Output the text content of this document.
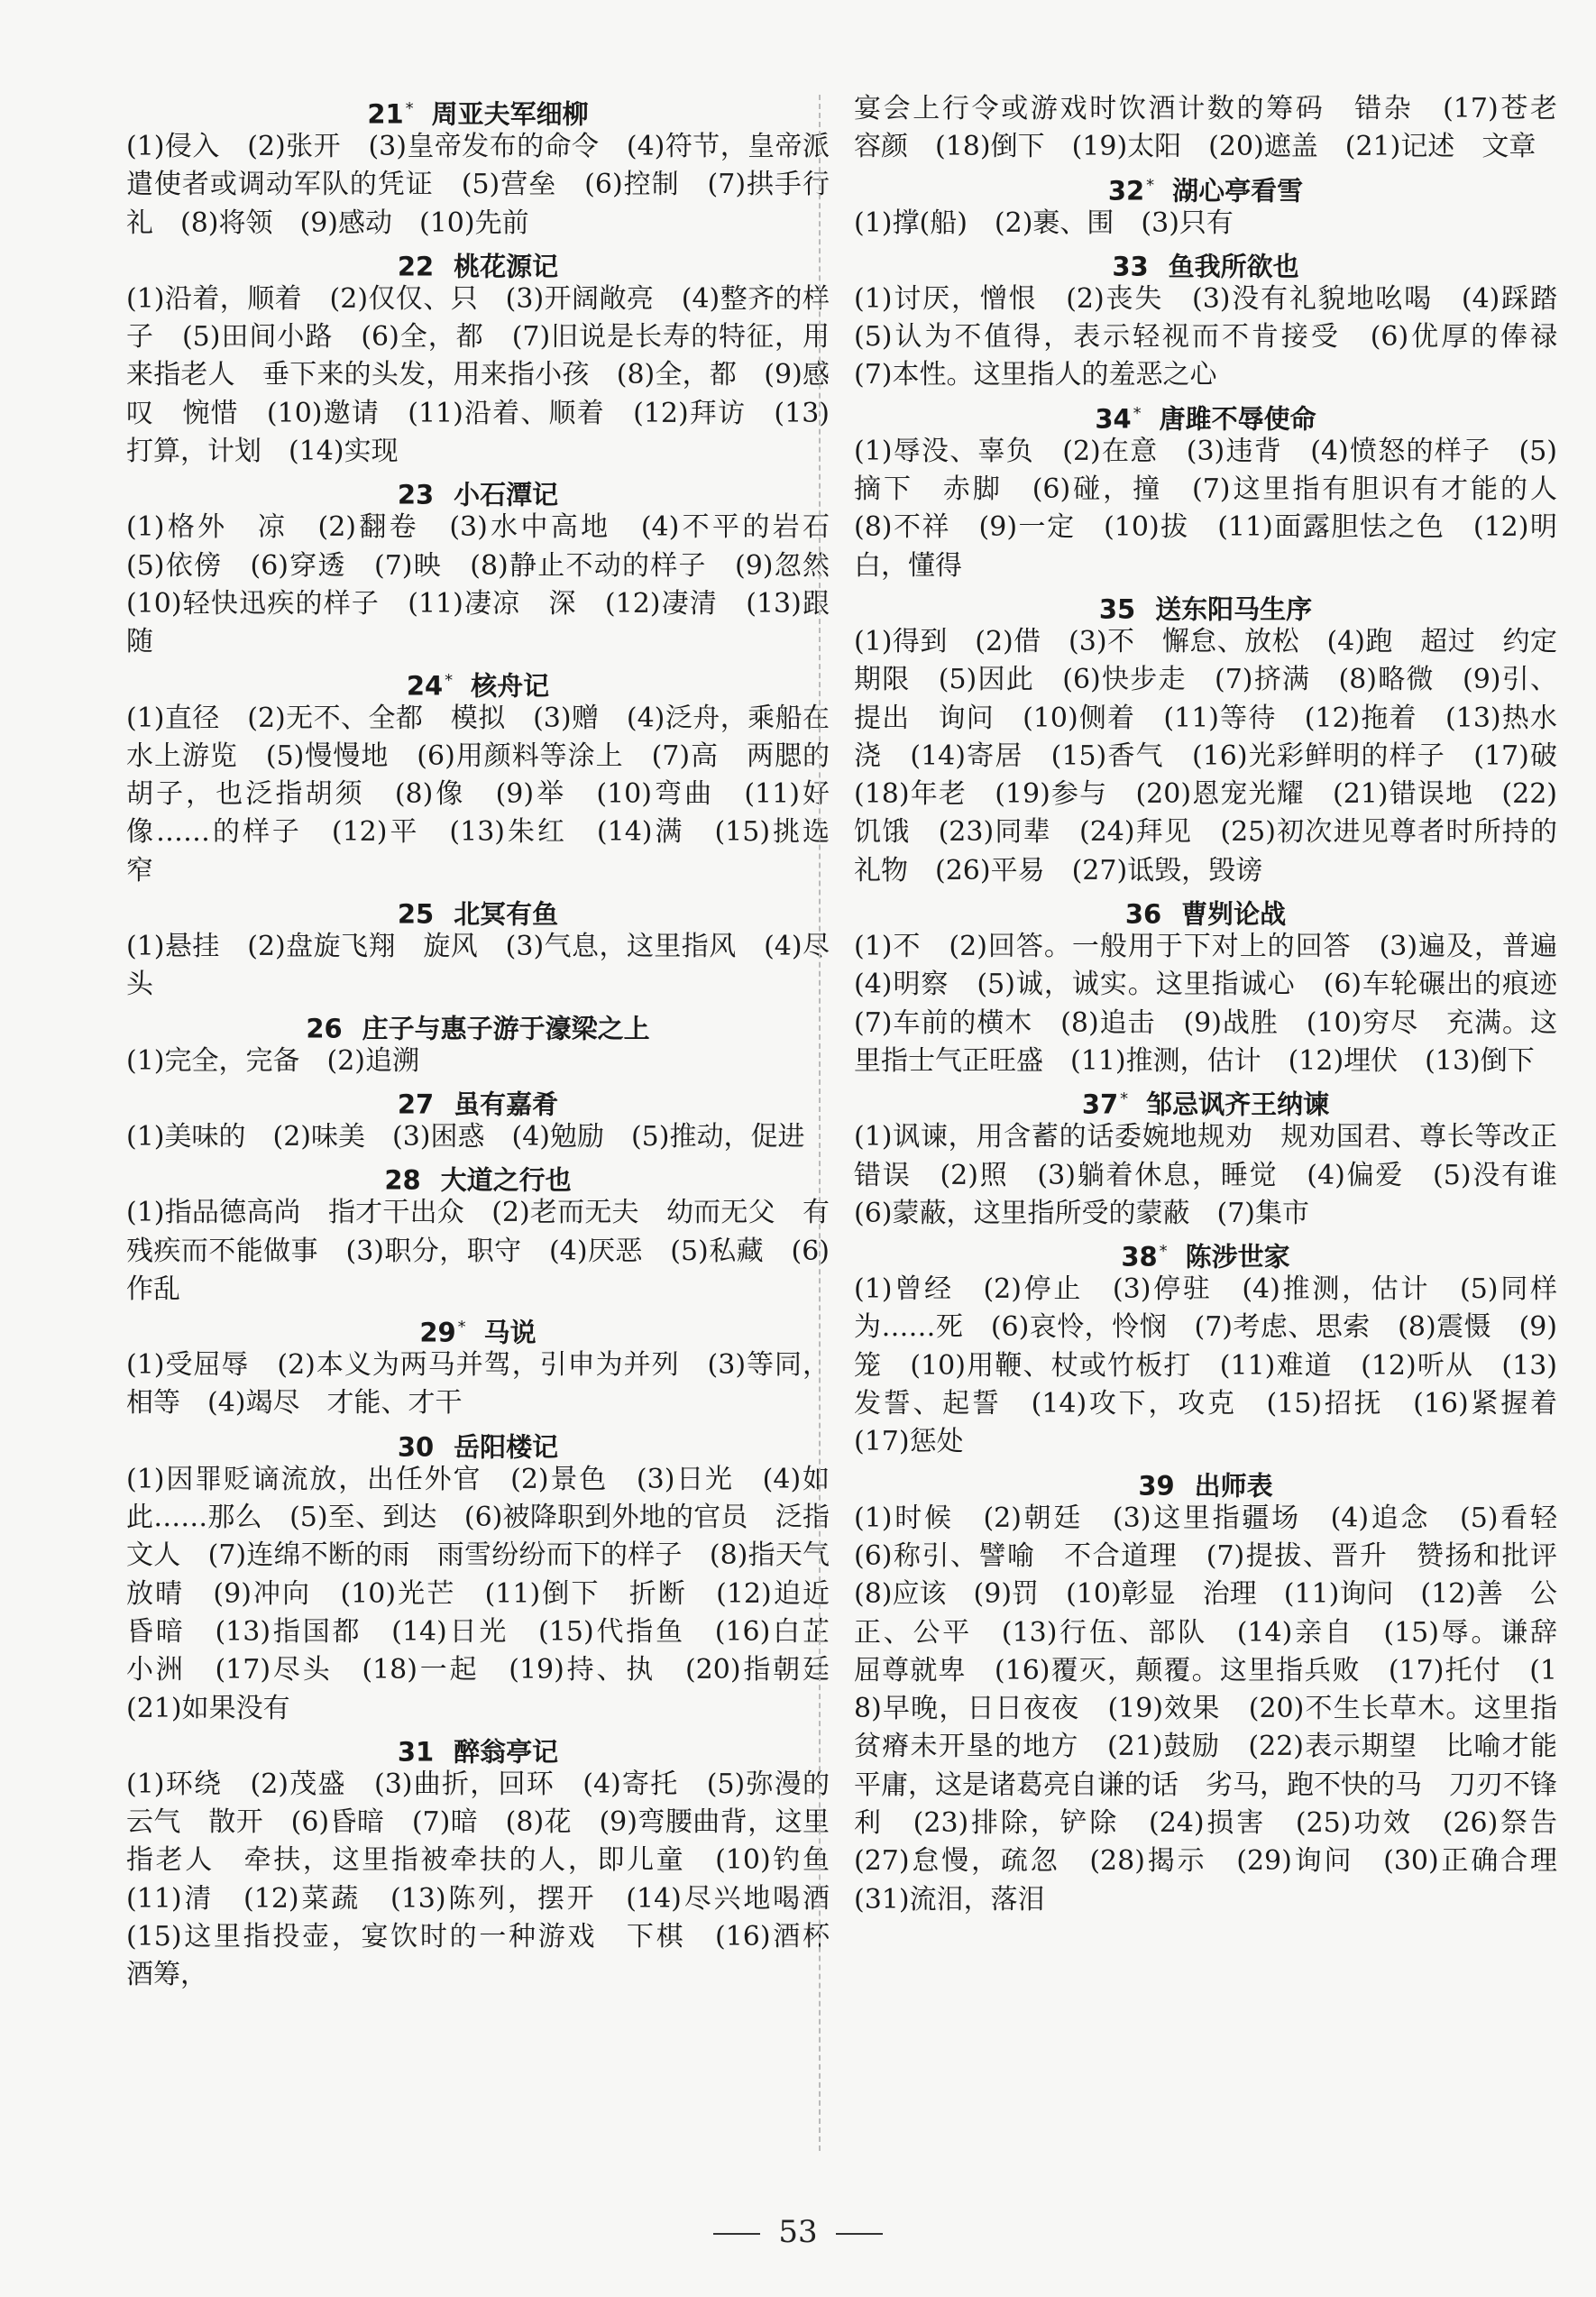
21 * 周亚夫军细柳
(1)侵入　(2)张开　(3)皇帝发布的命令　(4)符节，皇帝派遣使者或调动军队的凭证　(5)营垒　(6)控制　(7)拱手行礼　(8)将领　(9)感动　(10)先前
22 桃花源记
(1)沿着，顺着　(2)仅仅、只　(3)开阔敞亮　(4)整齐的样子　(5)田间小路　(6)全，都　(7)旧说是长寿的特征，用来指老人　垂下来的头发，用来指小孩　(8)全，都　(9)感叹　惋惜　(10)邀请　(11)沿着、顺着　(12)拜访　(13)打算，计划　(14)实现
23 小石潭记
(1)格外　凉　(2)翻卷　(3)水中高地　(4)不平的岩石　(5)依傍　(6)穿透　(7)映　(8)静止不动的样子　(9)忽然　(10)轻快迅疾的样子　(11)凄凉　深　(12)凄清　(13)跟随
24 * 核舟记
(1)直径　(2)无不、全都　模拟　(3)赠　(4)泛舟，乘船在水上游览　(5)慢慢地　(6)用颜料等涂上　(7)高　两腮的胡子，也泛指胡须　(8)像　(9)举　(10)弯曲　(11)好像……的样子　(12)平　(13)朱红　(14)满　(15)挑选　窄
25 北冥有鱼
(1)悬挂　(2)盘旋飞翔　旋风　(3)气息，这里指风　(4)尽头
26 庄子与惠子游于濠梁之上
(1)完全，完备　(2)追溯
27 虽有嘉肴
(1)美味的　(2)味美　(3)困惑　(4)勉励　(5)推动，促进
28 大道之行也
(1)指品德高尚　指才干出众　(2)老而无夫　幼而无父　有残疾而不能做事　(3)职分，职守　(4)厌恶　(5)私藏　(6)作乱
29 * 马说
(1)受屈辱　(2)本义为两马并驾，引申为并列　(3)等同，相等　(4)竭尽　才能、才干
30 岳阳楼记
(1)因罪贬谪流放，出任外官　(2)景色　(3)日光　(4)如此……那么　(5)至、到达　(6)被降职到外地的官员　泛指文人　(7)连绵不断的雨　雨雪纷纷而下的样子　(8)指天气放晴　(9)冲向　(10)光芒　(11)倒下　折断　(12)迫近　昏暗　(13)指国都　(14)日光　(15)代指鱼　(16)白芷　小洲　(17)尽头　(18)一起　(19)持、执　(20)指朝廷　(21)如果没有
31 醉翁亭记
(1)环绕　(2)茂盛　(3)曲折，回环　(4)寄托　(5)弥漫的云气　散开　(6)昏暗　(7)暗　(8)花　(9)弯腰曲背，这里指老人　牵扶，这里指被牵扶的人，即儿童　(10)钓鱼　(11)清　(12)菜蔬　(13)陈列，摆开　(14)尽兴地喝酒　(15)这里指投壶，宴饮时的一种游戏　下棋　(16)酒杯　酒筹，
宴会上行令或游戏时饮酒计数的筹码　错杂　(17)苍老　容颜　(18)倒下　(19)太阳　(20)遮盖　(21)记述　文章
32 * 湖心亭看雪
(1)撑(船)　(2)裹、围　(3)只有
33 鱼我所欲也
(1)讨厌，憎恨　(2)丧失　(3)没有礼貌地吆喝　(4)踩踏　(5)认为不值得，表示轻视而不肯接受　(6)优厚的俸禄　(7)本性。这里指人的羞恶之心
34 * 唐雎不辱使命
(1)辱没、辜负　(2)在意　(3)违背　(4)愤怒的样子　(5)摘下　赤脚　(6)碰，撞　(7)这里指有胆识有才能的人　(8)不祥　(9)一定　(10)拔　(11)面露胆怯之色　(12)明白，懂得
35 送东阳马生序
(1)得到　(2)借　(3)不　懈怠、放松　(4)跑　超过　约定期限　(5)因此　(6)快步走　(7)挤满　(8)略微　(9)引、提出　询问　(10)侧着　(11)等待　(12)拖着　(13)热水　浇　(14)寄居　(15)香气　(16)光彩鲜明的样子　(17)破　(18)年老　(19)参与　(20)恩宠光耀　(21)错误地　(22)饥饿　(23)同辈　(24)拜见　(25)初次进见尊者时所持的礼物　(26)平易　(27)诋毁，毁谤
36 曹刿论战
(1)不　(2)回答。一般用于下对上的回答　(3)遍及，普遍　(4)明察　(5)诚，诚实。这里指诚心　(6)车轮碾出的痕迹　(7)车前的横木　(8)追击　(9)战胜　(10)穷尽　充满。这里指士气正旺盛　(11)推测，估计　(12)埋伏　(13)倒下
37 * 邹忌讽齐王纳谏
(1)讽谏，用含蓄的话委婉地规劝　规劝国君、尊长等改正错误　(2)照　(3)躺着休息，睡觉　(4)偏爱　(5)没有谁　(6)蒙蔽，这里指所受的蒙蔽　(7)集市
38 * 陈涉世家
(1)曾经　(2)停止　(3)停驻　(4)推测，估计　(5)同样　为……死　(6)哀怜，怜悯　(7)考虑、思索　(8)震慑　(9)笼　(10)用鞭、杖或竹板打　(11)难道　(12)听从　(13)发誓、起誓　(14)攻下，攻克　(15)招抚　(16)紧握着　(17)惩处
39 出师表
(1)时候　(2)朝廷　(3)这里指疆场　(4)追念　(5)看轻　(6)称引、譬喻　不合道理　(7)提拔、晋升　赞扬和批评　(8)应该　(9)罚　(10)彰显　治理　(11)询问　(12)善　公正、公平　(13)行伍、部队　(14)亲自　(15)辱。谦辞　屈尊就卑　(16)覆灭，颠覆。这里指兵败　(17)托付　(18)早晚，日日夜夜　(19)效果　(20)不生长草木。这里指贫瘠未开垦的地方　(21)鼓励　(22)表示期望　比喻才能平庸，这是诸葛亮自谦的话　劣马，跑不快的马　刀刃不锋利　(23)排除，铲除　(24)损害　(25)功效　(26)祭告　(27)怠慢，疏忽　(28)揭示　(29)询问　(30)正确合理　(31)流泪，落泪
53
